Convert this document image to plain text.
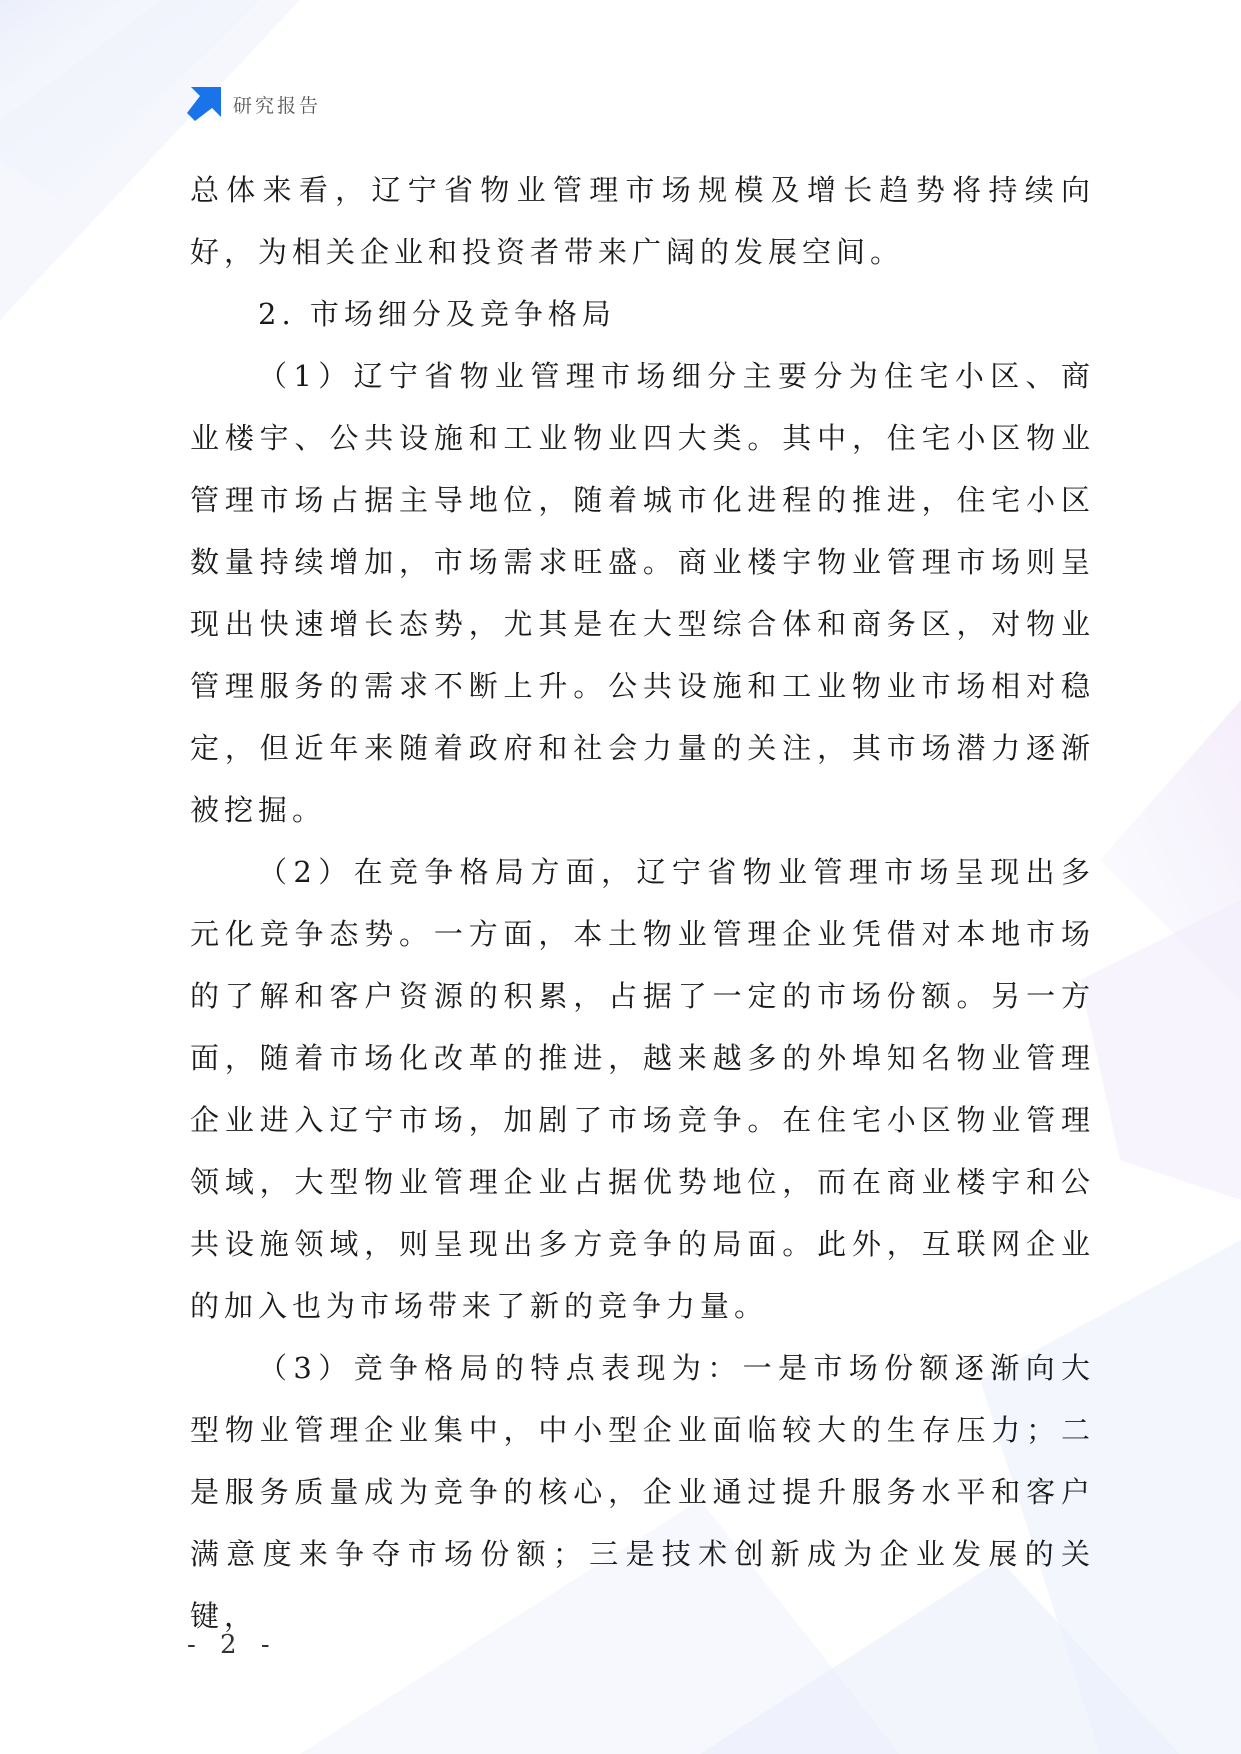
研究报告

总体来看，辽宁省物业管理市场规模及增长趋势将持续向好，为相关企业和投资者带来广阔的发展空间。

2. 市场细分及竞争格局

（1）辽宁省物业管理市场细分主要分为住宅小区、商业楼宇、公共设施和工业物业四大类。其中，住宅小区物业管理市场占据主导地位，随着城市化进程的推进，住宅小区数量持续增加，市场需求旺盛。商业楼宇物业管理市场则呈现出快速增长态势，尤其是在大型综合体和商务区，对物业管理服务的需求不断上升。公共设施和工业物业市场相对稳定，但近年来随着政府和社会力量的关注，其市场潜力逐渐被挖掘。

（2）在竞争格局方面，辽宁省物业管理市场呈现出多元化竞争态势。一方面，本土物业管理企业凭借对本地市场的了解和客户资源的积累，占据了一定的市场份额。另一方面，随着市场化改革的推进，越来越多的外埠知名物业管理企业进入辽宁市场，加剧了市场竞争。在住宅小区物业管理领域，大型物业管理企业占据优势地位，而在商业楼宇和公共设施领域，则呈现出多方竞争的局面。此外，互联网企业的加入也为市场带来了新的竞争力量。

（3）竞争格局的特点表现为：一是市场份额逐渐向大型物业管理企业集中，中小型企业面临较大的生存压力；二是服务质量成为竞争的核心，企业通过提升服务水平和客户满意度来争夺市场份额；三是技术创新成为企业发展的关键，

- 2 -
